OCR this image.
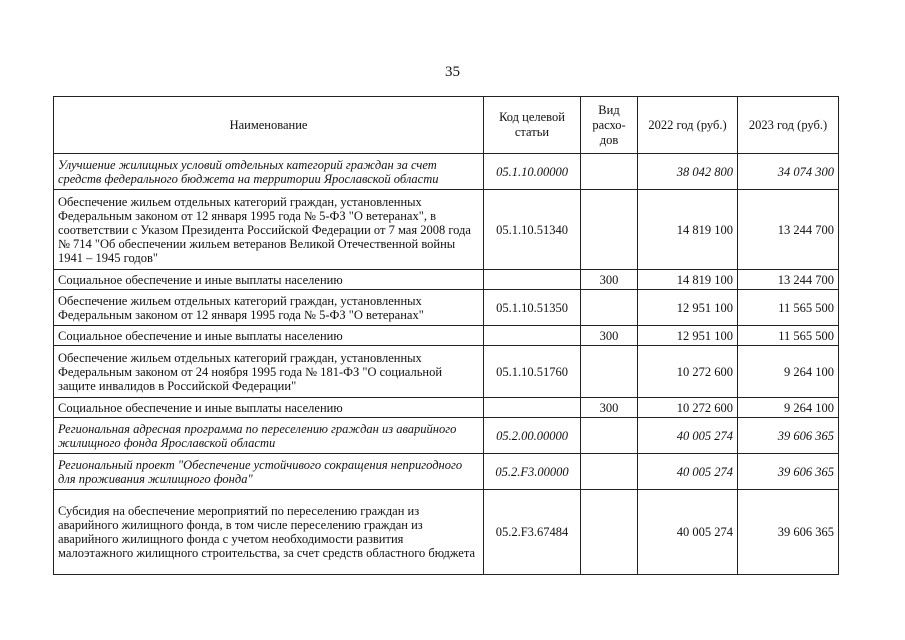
35
Наименование	Код целевой статьи	Вид расхо-дов	2022 год (руб.)	2023 год (руб.)
Улучшение жилищных условий отдельных категорий граждан за счет средств федерального бюджета на территории Ярославской области	05.1.10.00000		38 042 800	34 074 300
Обеспечение жильем отдельных категорий граждан, установленных Федеральным законом от 12 января 1995 года № 5-ФЗ "О ветеранах", в соответствии с Указом Президента Российской Федерации от 7 мая 2008 года № 714 "Об обеспечении жильем ветеранов Великой Отечественной войны 1941 – 1945 годов"	05.1.10.51340		14 819 100	13 244 700
Социальное обеспечение и иные выплаты населению		300	14 819 100	13 244 700
Обеспечение жильем отдельных категорий граждан, установленных Федеральным законом от 12 января 1995 года № 5-ФЗ "О ветеранах"	05.1.10.51350		12 951 100	11 565 500
Социальное обеспечение и иные выплаты населению		300	12 951 100	11 565 500
Обеспечение жильем отдельных категорий граждан, установленных Федеральным законом от 24 ноября 1995 года № 181-ФЗ "О социальной защите инвалидов в Российской Федерации"	05.1.10.51760		10 272 600	9 264 100
Социальное обеспечение и иные выплаты населению		300	10 272 600	9 264 100
Региональная адресная программа по переселению граждан из аварийного жилищного фонда Ярославской области	05.2.00.00000		40 005 274	39 606 365
Региональный проект "Обеспечение устойчивого сокращения непригодного для проживания жилищного фонда"	05.2.F3.00000		40 005 274	39 606 365
Субсидия на обеспечение мероприятий по переселению граждан из аварийного жилищного фонда, в том числе переселению граждан из аварийного жилищного фонда с учетом необходимости развития малоэтажного жилищного строительства, за счет средств областного бюджета	05.2.F3.67484		40 005 274	39 606 365
